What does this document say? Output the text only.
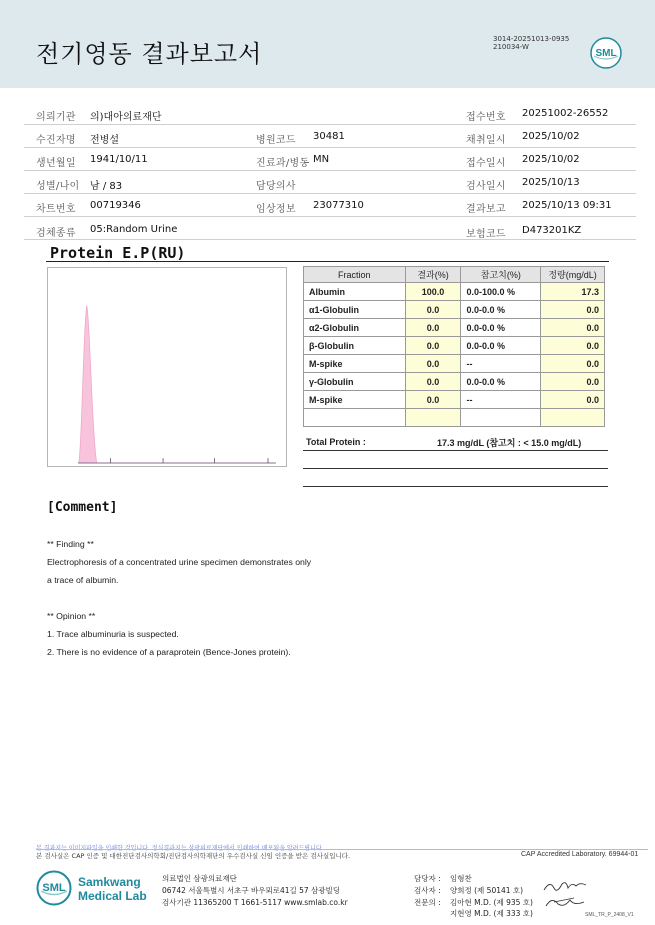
전기영동 결과보고서
3014-20251013-0935
210034-W
SML
의뢰기관 의)대아의료재단	접수번호 20251002-26552
수진자명 전병설	병원코드 30481	채취일시 2025/10/02
생년월일 1941/10/11	진료과/병동 MN	접수일시 2025/10/02
성별/나이 남 / 83	담당의사	검사일시 2025/10/13
차트번호 00719346	임상정보 23077310	결과보고 2025/10/13 09:31
검체종류 05:Random Urine	보험코드 D473201KZ
Protein E.P(RU)
Fraction	결과(%)	참고치(%)	정량(mg/dL)
Albumin	100.0	0.0-100.0 %	17.3
α1-Globulin	0.0	0.0-0.0 %	0.0
α2-Globulin	0.0	0.0-0.0 %	0.0
β-Globulin	0.0	0.0-0.0 %	0.0
M-spike	0.0	--	0.0
γ-Globulin	0.0	0.0-0.0 %	0.0
M-spike	0.0	--	0.0

Total Protein :	17.3 mg/dL (참고치 : < 15.0 mg/dL)
[Comment]
** Finding **
Electrophoresis of a concentrated urine specimen demonstrates only
a trace of albumin.
** Opinion **
1. Trace albuminuria is suspected.
2. There is no evidence of a paraprotein (Bence-Jones protein).
본 결과지는 이미지파일을 인쇄한 것입니다. 정식결과지는 삼광의료재단에서 인쇄하여 배포됨을 알려드립니다.
본 검사실은 CAP 인증 및 대한진단검사의학회/진단검사의학재단의 우수검사실 신임 인증을 받은 검사실입니다.	CAP Accredited Laboratory. 69944-01
SML Samkwang
Medical Lab
의료법인 삼광의료재단
06742 서울특별시 서초구 바우뫼로41길 57 삼광빌딩
검사기관 11365200 T 1661-5117 www.smlab.co.kr
담당자 : 임형찬
검사자 : 양희정 (제 50141 호)
전문의 : 김아현 M.D. (제 935 호)
지현영 M.D. (제 333 호)	SML_TR_P_2408_V1
